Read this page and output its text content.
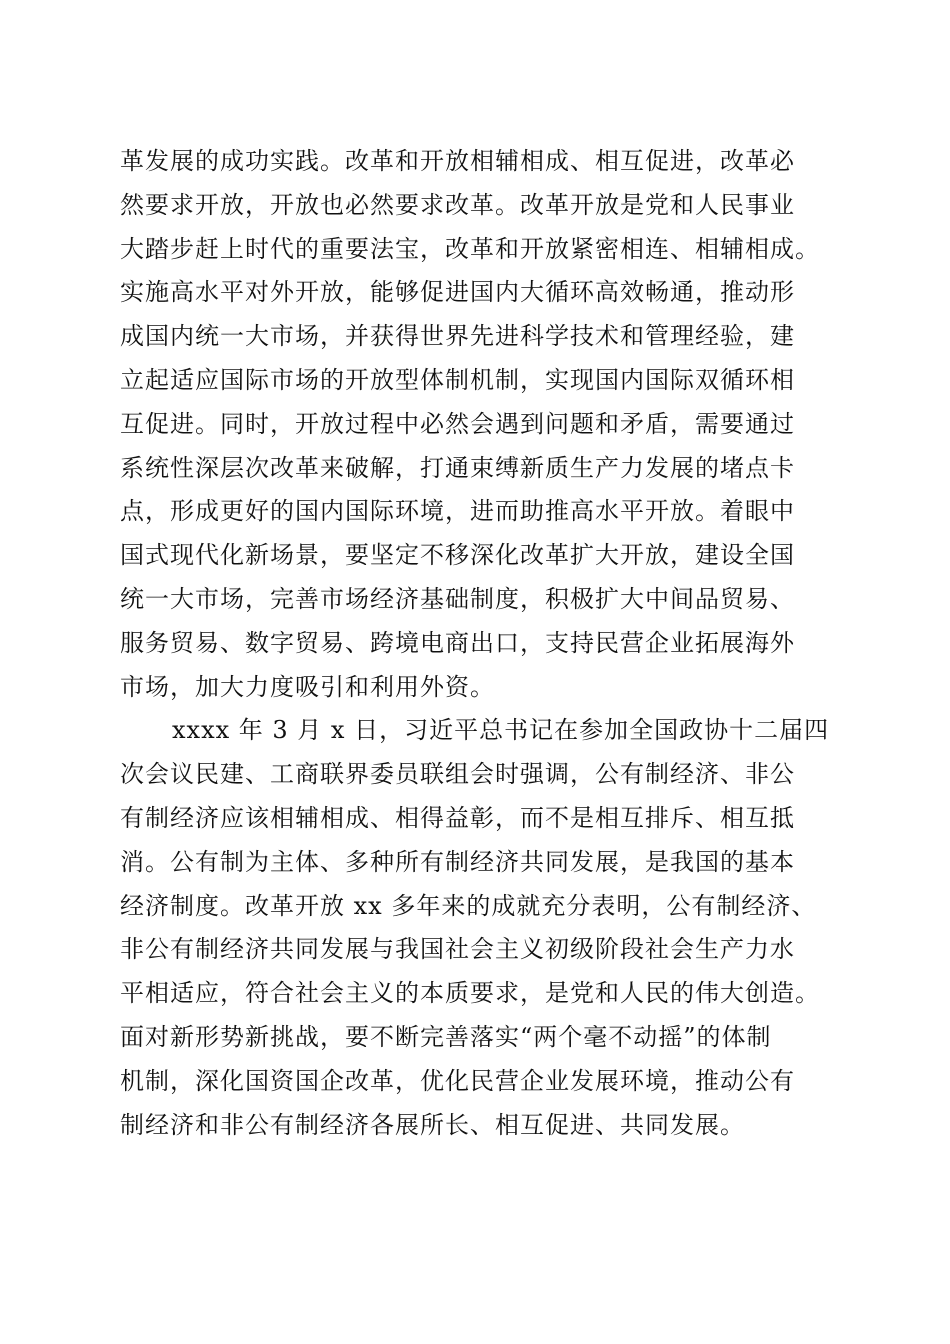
革发展的成功实践。改革和开放相辅相成、相互促进，改革必
然要求开放，开放也必然要求改革。改革开放是党和人民事业
大踏步赶上时代的重要法宝，改革和开放紧密相连、相辅相成。
实施高水平对外开放，能够促进国内大循环高效畅通，推动形
成国内统一大市场，并获得世界先进科学技术和管理经验，建
立起适应国际市场的开放型体制机制，实现国内国际双循环相
互促进。同时，开放过程中必然会遇到问题和矛盾，需要通过
系统性深层次改革来破解，打通束缚新质生产力发展的堵点卡
点，形成更好的国内国际环境，进而助推高水平开放。着眼中
国式现代化新场景，要坚定不移深化改革扩大开放，建设全国
统一大市场，完善市场经济基础制度，积极扩大中间品贸易、
服务贸易、数字贸易、跨境电商出口，支持民营企业拓展海外
市场，加大力度吸引和利用外资。
xxxx 年 3 月 x 日，习近平总书记在参加全国政协十二届四
次会议民建、工商联界委员联组会时强调，公有制经济、非公
有制经济应该相辅相成、相得益彰，而不是相互排斥、相互抵
消。公有制为主体、多种所有制经济共同发展，是我国的基本
经济制度。改革开放 xx 多年来的成就充分表明，公有制经济、
非公有制经济共同发展与我国社会主义初级阶段社会生产力水
平相适应，符合社会主义的本质要求，是党和人民的伟大创造。
面对新形势新挑战，要不断完善落实“两个毫不动摇”的体制
机制，深化国资国企改革，优化民营企业发展环境，推动公有
制经济和非公有制经济各展所长、相互促进、共同发展。
